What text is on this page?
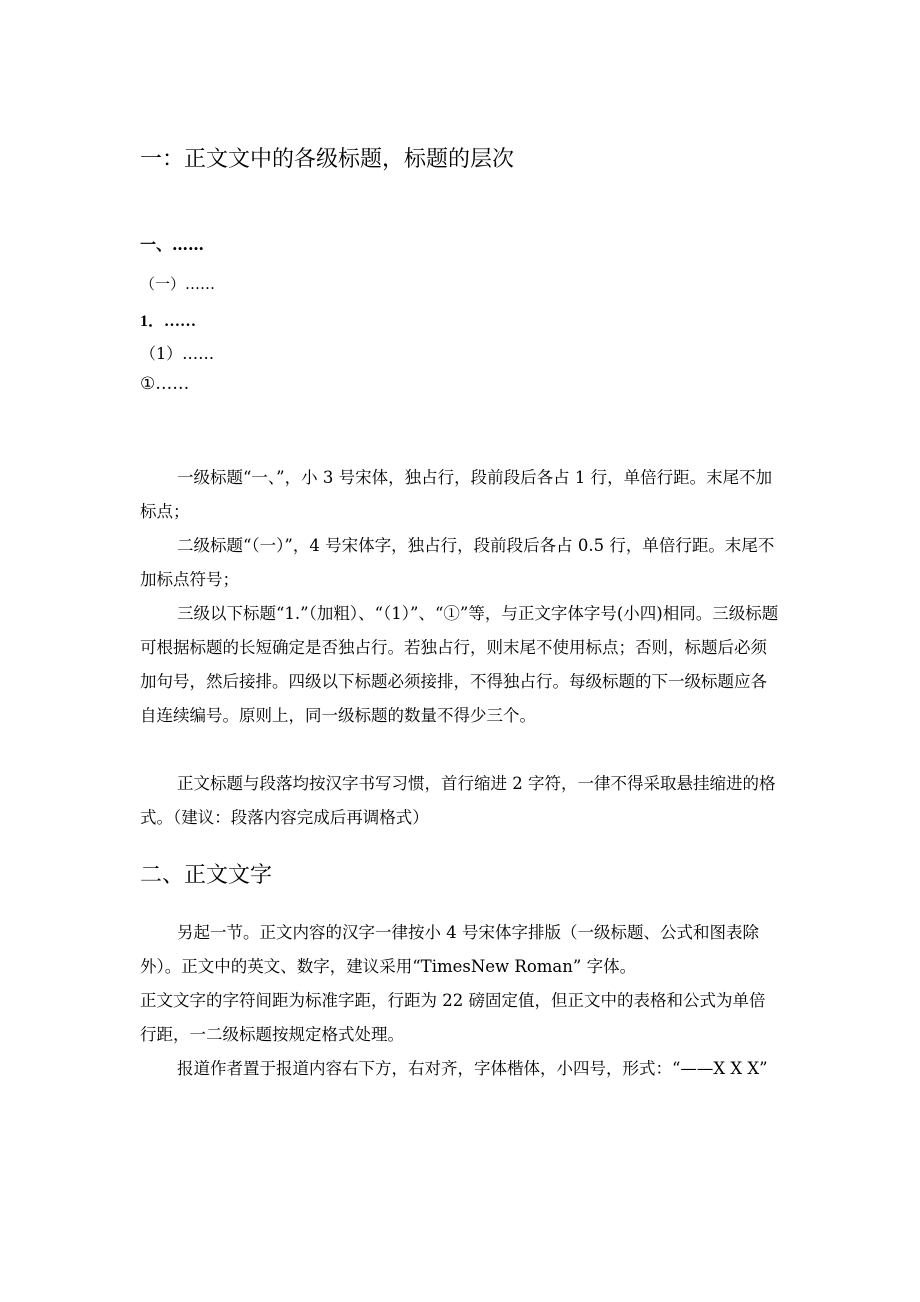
一：正文文中的各级标题，标题的层次
一、……
（一）……
1．……
（1）……
①……

一级标题“一、”，小 3 号宋体，独占行，段前段后各占 1 行，单倍行距。末尾不加标点；

二级标题“（一）”，4 号宋体字，独占行，段前段后各占 0.5 行，单倍行距。末尾不加标点符号；

三级以下标题“1.”（加粗）、“（1）”、“①”等，与正文字体字号(小四)相同。三级标题可根据标题的长短确定是否独占行。若独占行，则末尾不使用标点；否则，标题后必须加句号，然后接排。四级以下标题必须接排，不得独占行。每级标题的下一级标题应各自连续编号。原则上，同一级标题的数量不得少三个。

正文标题与段落均按汉字书写习惯，首行缩进 2 字符，一律不得采取悬挂缩进的格式。（建议：段落内容完成后再调格式）

二、正文文字

另起一节。正文内容的汉字一律按小 4 号宋体字排版（一级标题、公式和图表除外）。正文中的英文、数字，建议采用“TimesNew Roman” 字体。

正文文字的字符间距为标准字距，行距为 22 磅固定值，但正文中的表格和公式为单倍行距，一二级标题按规定格式处理。

报道作者置于报道内容右下方，右对齐，字体楷体，小四号，形式：“——X X X”
